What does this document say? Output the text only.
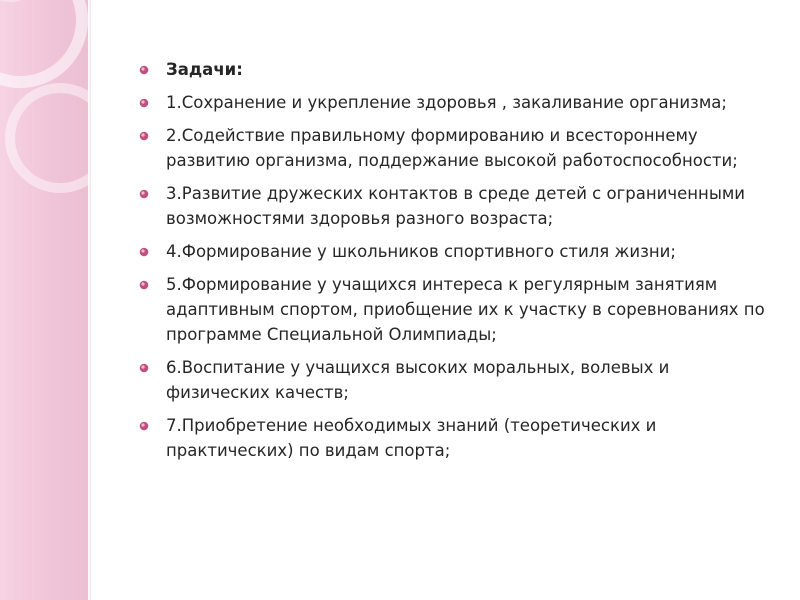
Задачи:
1.Сохранение и укрепление здоровья , закаливание организма;
2.Содействие правильному формированию и всестороннему развитию организма, поддержание высокой работоспособности;
3.Развитие дружеских контактов в среде детей с ограниченными возможностями здоровья разного возраста;
4.Формирование у школьников спортивного стиля жизни;
5.Формирование у учащихся интереса к регулярным занятиям адаптивным спортом, приобщение их к участку в соревнованиях по программе Специальной Олимпиады;
6.Воспитание у учащихся высоких моральных, волевых и физических качеств;
7.Приобретение необходимых знаний (теоретических и практических) по видам спорта;
